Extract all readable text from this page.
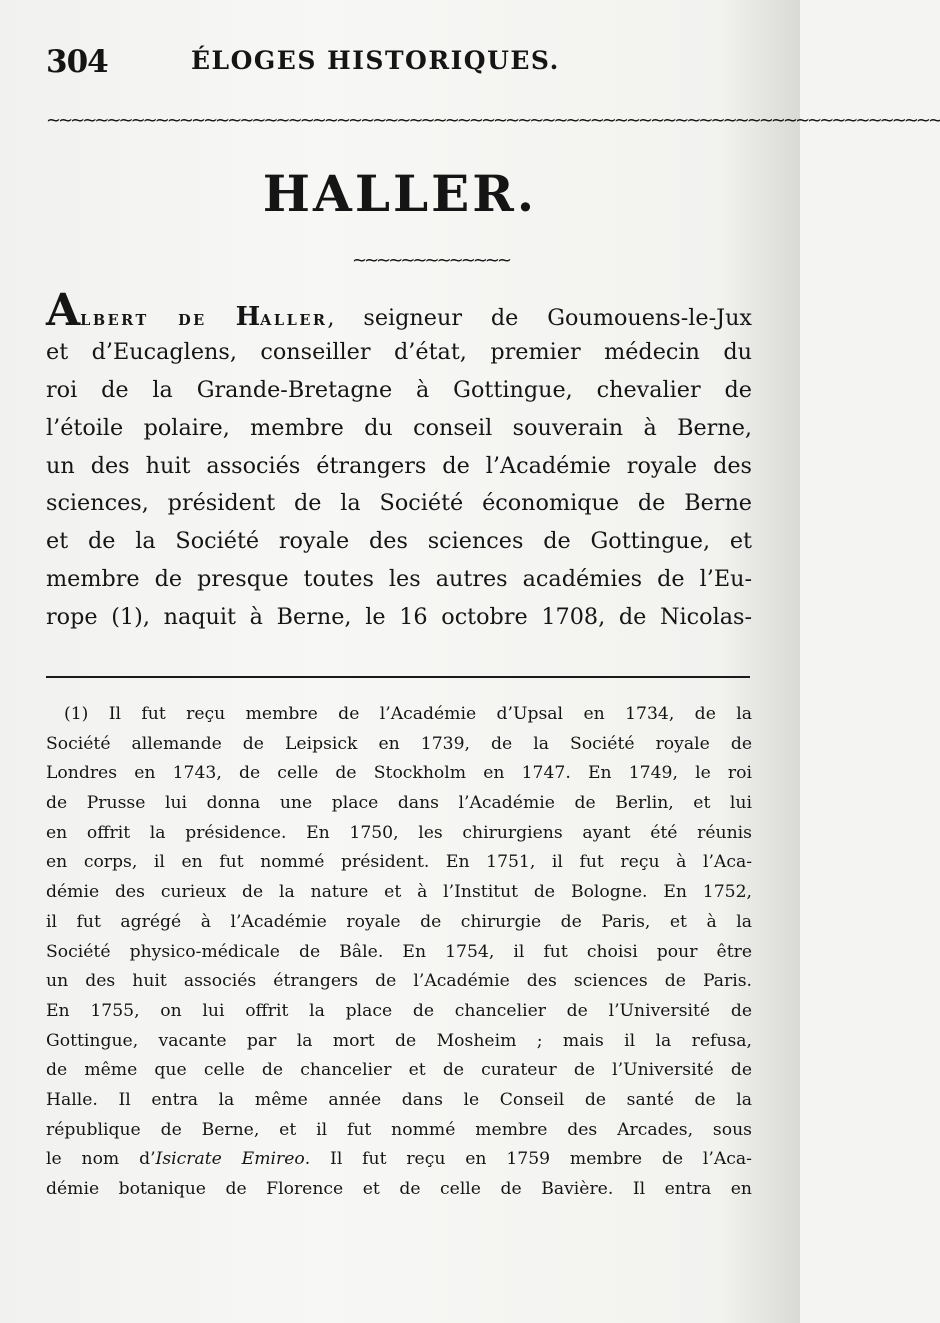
304	ÉLOGES HISTORIQUES.
~~~~~~~~~~~~~~~~~~~~~~~~~~~~~~~~~~~~~~~~~~~~~~~~~~~~~~~~~~~~~~~~~~~~~~~~~~
HALLER.
~~~~~~~~~~~~~
ALBERT DE HALLER, seigneur de Goumouens-le-Jux
et d’Eucaglens, conseiller d’état, premier médecin du
roi de la Grande-Bretagne à Gottingue, chevalier de
l’étoile polaire, membre du conseil souverain à Berne,
un des huit associés étrangers de l’Académie royale des
sciences, président de la Société économique de Berne
et de la Société royale des sciences de Gottingue, et
membre de presque toutes les autres académies de l’Eu-
rope (1), naquit à Berne, le 16 octobre 1708, de Nicolas-
(1) Il fut reçu membre de l’Académie d’Upsal en 1734, de la
Société allemande de Leipsick en 1739, de la Société royale de
Londres en 1743, de celle de Stockholm en 1747. En 1749, le roi
de Prusse lui donna une place dans l’Académie de Berlin, et lui
en offrit la présidence. En 1750, les chirurgiens ayant été réunis
en corps, il en fut nommé président. En 1751, il fut reçu à l’Aca-
démie des curieux de la nature et à l’Institut de Bologne. En 1752,
il fut agrégé à l’Académie royale de chirurgie de Paris, et à la
Société physico-médicale de Bâle. En 1754, il fut choisi pour être
un des huit associés étrangers de l’Académie des sciences de Paris.
En 1755, on lui offrit la place de chancelier de l’Université de
Gottingue, vacante par la mort de Mosheim ; mais il la refusa,
de même que celle de chancelier et de curateur de l’Université de
Halle. Il entra la même année dans le Conseil de santé de la
république de Berne, et il fut nommé membre des Arcades, sous
le nom d’Isicrate Emireo. Il fut reçu en 1759 membre de l’Aca-
démie botanique de Florence et de celle de Bavière. Il entra en
